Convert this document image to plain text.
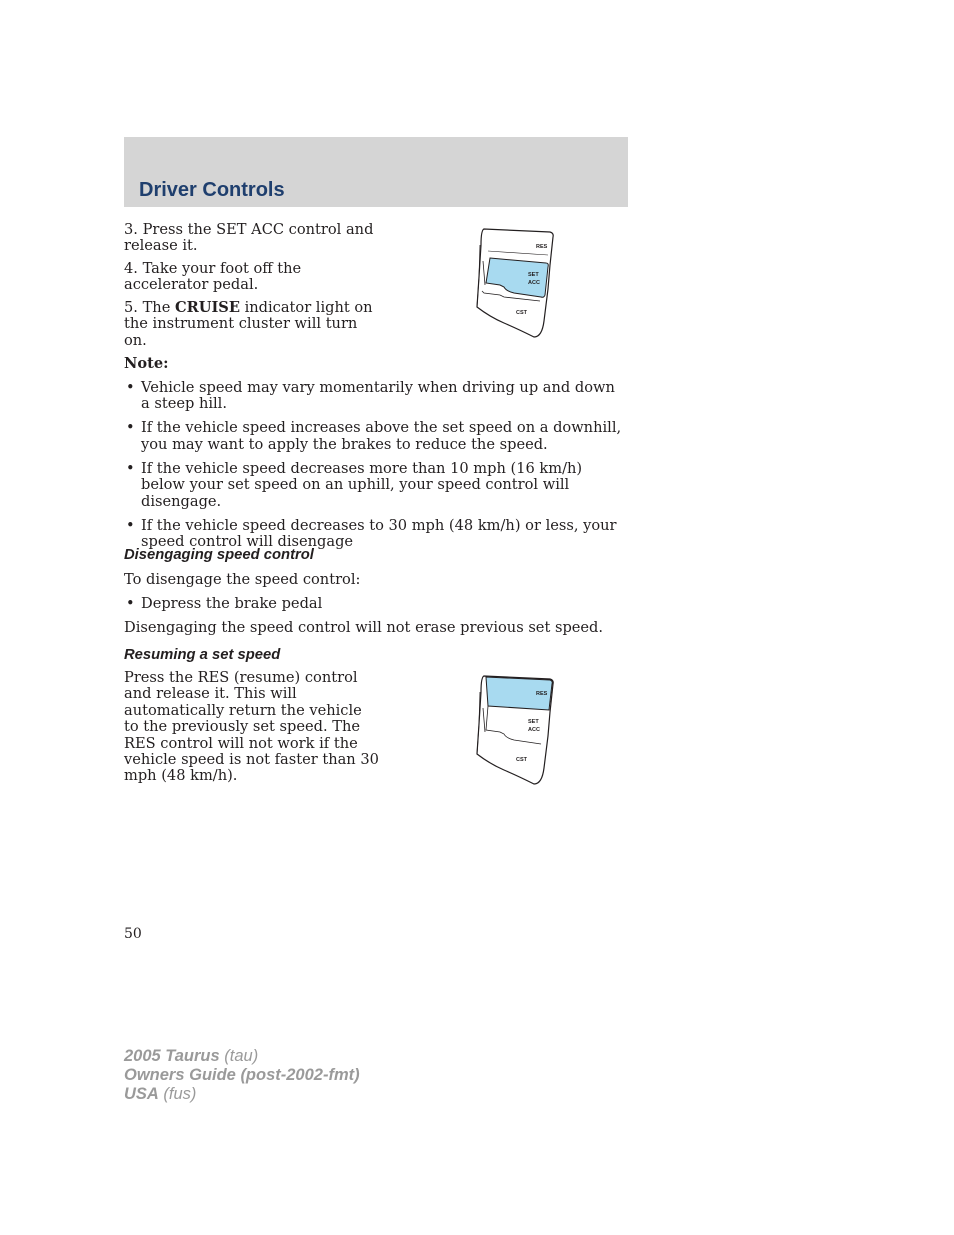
Driver Controls

3. Press the SET ACC control and release it.

4. Take your foot off the accelerator pedal.

5. The CRUISE indicator light on the instrument cluster will turn on.

RES
SET
ACC
CST

Note:

• Vehicle speed may vary momentarily when driving up and down a steep hill.
• If the vehicle speed increases above the set speed on a downhill, you may want to apply the brakes to reduce the speed.
• If the vehicle speed decreases more than 10 mph (16 km/h) below your set speed on an uphill, your speed control will disengage.
• If the vehicle speed decreases to 30 mph (48 km/h) or less, your speed control will disengage
Disengaging speed control

To disengage the speed control:

• Depress the brake pedal

Disengaging the speed control will not erase previous set speed.

Resuming a set speed

Press the RES (resume) control and release it. This will automatically return the vehicle to the previously set speed. The RES control will not work if the vehicle speed is not faster than 30 mph (48 km/h).

RES
SET
ACC
CST

50

2005 Taurus (tau)
Owners Guide (post-2002-fmt)
USA (fus)
